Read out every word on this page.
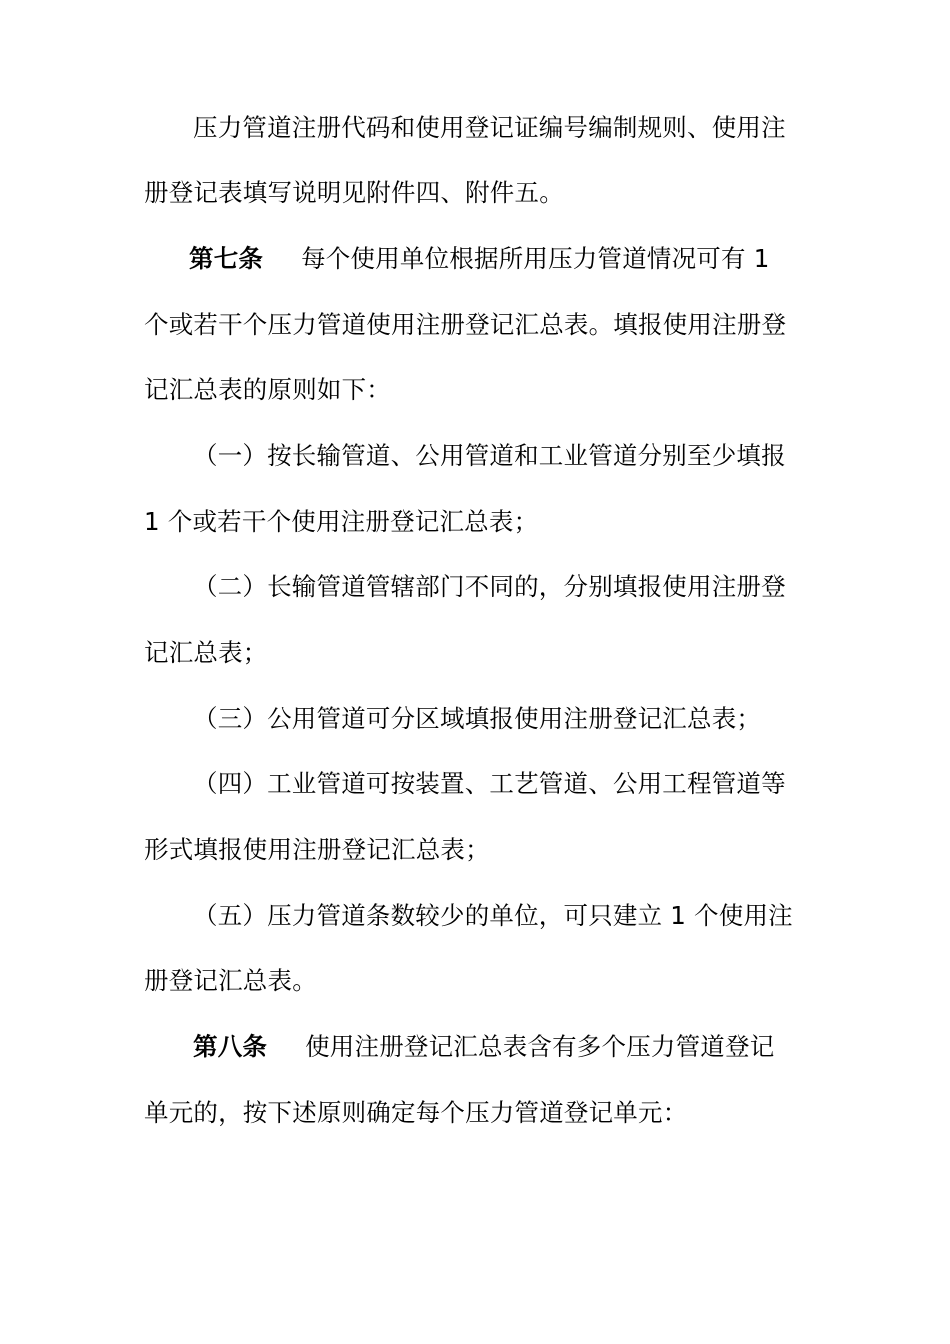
压力管道注册代码和使用登记证编号编制规则、使用注
册登记表填写说明见附件四、附件五。
第七条 每个使用单位根据所用压力管道情况可有 1
个或若干个压力管道使用注册登记汇总表。填报使用注册登
记汇总表的原则如下：
（一）按长输管道、公用管道和工业管道分别至少填报
1 个或若干个使用注册登记汇总表；
（二）长输管道管辖部门不同的，分别填报使用注册登
记汇总表；
（三）公用管道可分区域填报使用注册登记汇总表；
（四）工业管道可按装置、工艺管道、公用工程管道等
形式填报使用注册登记汇总表；
（五）压力管道条数较少的单位，可只建立 1 个使用注
册登记汇总表。
第八条 使用注册登记汇总表含有多个压力管道登记
单元的，按下述原则确定每个压力管道登记单元：
